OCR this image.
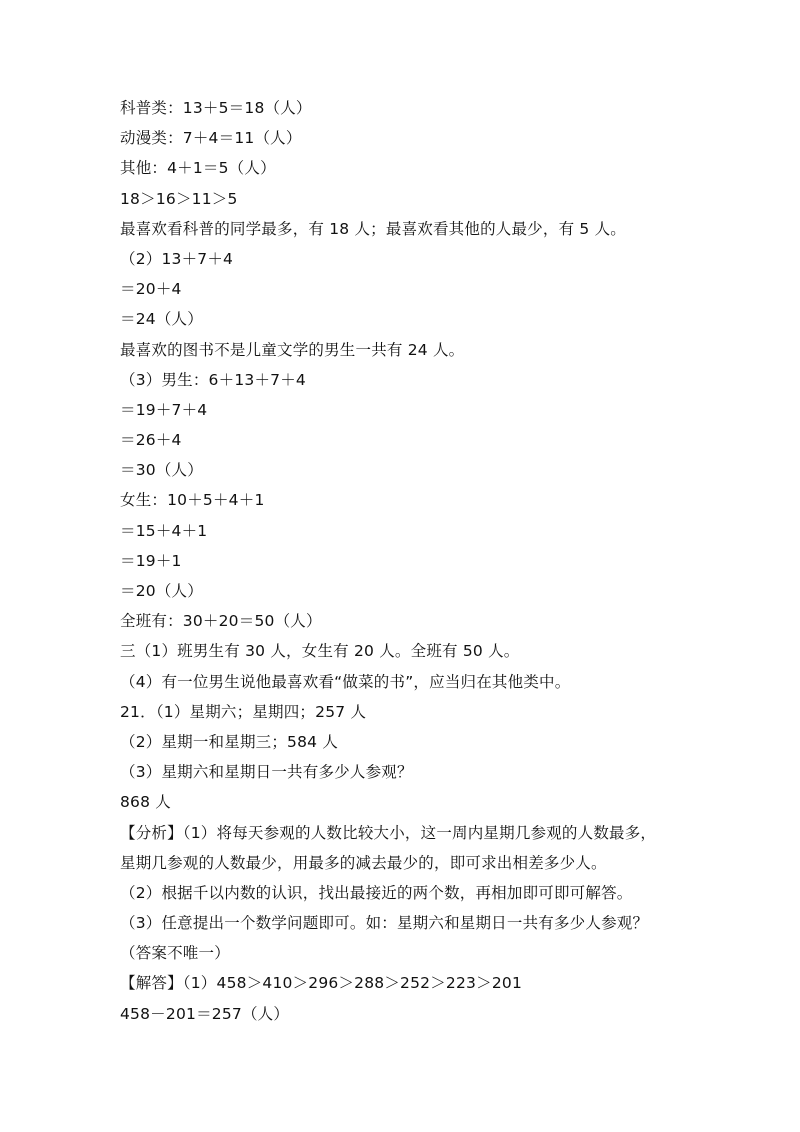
科普类：13＋5＝18（人）
动漫类：7＋4＝11（人）
其他：4＋1＝5（人）
18＞16＞11＞5
最喜欢看科普的同学最多，有 18 人；最喜欢看其他的人最少，有 5 人。
（2）13＋7＋4
＝20＋4
＝24（人）
最喜欢的图书不是儿童文学的男生一共有 24 人。
（3）男生：6＋13＋7＋4
＝19＋7＋4
＝26＋4
＝30（人）
女生：10＋5＋4＋1
＝15＋4＋1
＝19＋1
＝20（人）
全班有：30＋20＝50（人）
三（1）班男生有 30 人，女生有 20 人。全班有 50 人。
（4）有一位男生说他最喜欢看“做菜的书”，应当归在其他类中。
21．（1）星期六；星期四；257 人
（2）星期一和星期三；584 人
（3）星期六和星期日一共有多少人参观？
868 人
【分析】（1）将每天参观的人数比较大小，这一周内星期几参观的人数最多，
星期几参观的人数最少，用最多的减去最少的，即可求出相差多少人。
（2）根据千以内数的认识，找出最接近的两个数，再相加即可即可解答。
（3）任意提出一个数学问题即可。如：星期六和星期日一共有多少人参观？
（答案不唯一）
【解答】（1）458＞410＞296＞288＞252＞223＞201
458－201＝257（人）
